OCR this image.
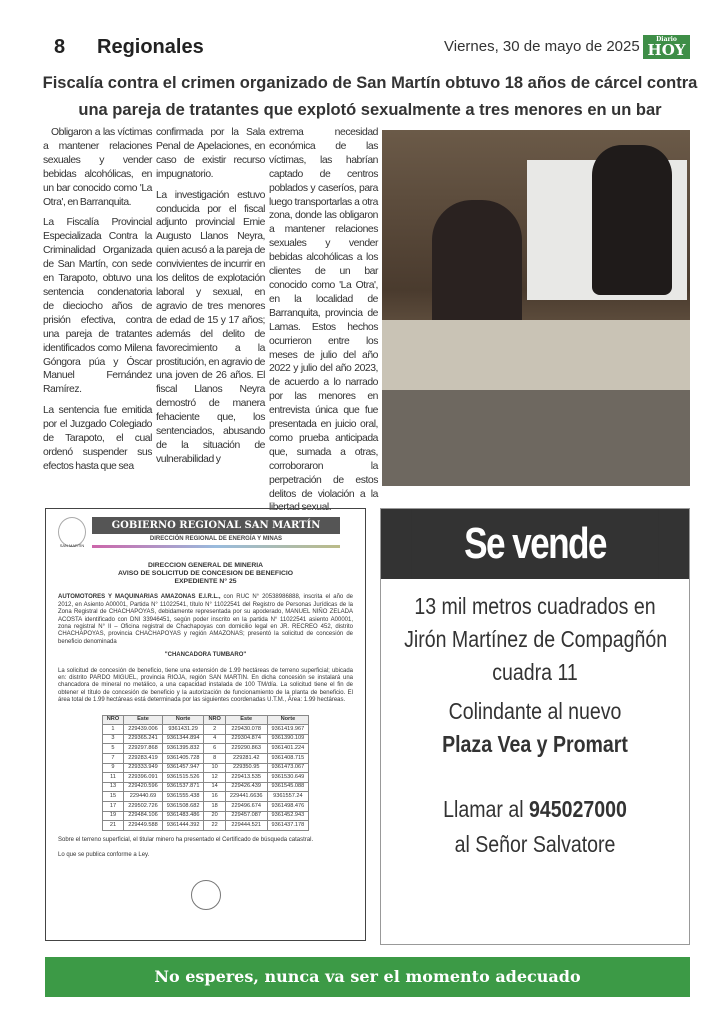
8 Regionales	Viernes, 30 de mayo de 2025	Diario
HOY
Fiscalía contra el crimen organizado de San Martín obtuvo 18 años de cárcel contra una pareja de tratantes que explotó sexualmente a tres menores en un bar

Obligaron a las víctimas a mantener relaciones sexuales y vender bebidas alcohólicas, en un bar conocido como 'La Otra', en Barranquita.

La Fiscalía Provincial Especializada Contra la Criminalidad Organizada de San Martín, con sede en Tarapoto, obtuvo una sentencia condenatoria de dieciocho años de prisión efectiva, contra una pareja de tratantes identificados como Milena Góngora púa y Óscar Manuel Fernández Ramírez.

La sentencia fue emitida por el Juzgado Colegiado de Tarapoto, el cual ordenó suspender sus efectos hasta que sea

confirmada por la Sala Penal de Apelaciones, en caso de existir recurso impugnatorio.

La investigación estuvo conducida por el fiscal adjunto provincial Ernie Augusto Llanos Neyra, quien acusó a la pareja de convivientes de incurrir en los delitos de explotación laboral y sexual, en agravio de tres menores de edad de 15 y 17 años; además del delito de favorecimiento a la prostitución, en agravio de una joven de 26 años. El fiscal Llanos Neyra demostró de manera fehaciente que, los sentenciados, abusando de la situación de vulnerabilidad y

extrema necesidad económica de las víctimas, las habrían captado de centros poblados y caseríos, para luego transportarlas a otra zona, donde las obligaron a mantener relaciones sexuales y vender bebidas alcohólicas a los clientes de un bar conocido como 'La Otra', en la localidad de Barranquita, provincia de Lamas. Estos hechos ocurrieron entre los meses de julio del año 2022 y julio del año 2023, de acuerdo a lo narrado por las menores en entrevista única que fue presentada en juicio oral, como prueba anticipada que, sumada a otras, corroboraron la perpetración de estos delitos de violación a la libertad sexual.

SAN MARTÍN
GOBIERNO REGIONAL SAN MARTÍN
DIRECCIÓN REGIONAL DE ENERGÍA Y MINAS
DIRECCION GENERAL DE MINERIA
AVISO DE SOLICITUD DE CONCESION DE BENEFICIO
EXPEDIENTE N° 25

AUTOMOTORES Y MAQUINARIAS AMAZONAS E.I.R.L., con RUC N° 20538986888, inscrita el año de 2012, en Asiento A00001, Partida N° 11022541, título N° 11022541 del Registro de Personas Jurídicas de la Zona Registral de CHACHAPOYAS, debidamente representada por su apoderado, MANUEL NIÑO ZELADA ACOSTA identificado con DNI 33946451, según poder inscrito en la partida N° 11022541 asiento A00001, zona registral N° II – Oficina registral de Chachapoyas con domicilio legal en JR. RECREO 452, distrito CHACHAPOYAS, provincia CHACHAPOYAS y región AMAZONAS; presentó la solicitud de concesión de beneficio denominada

"CHANCADORA TUMBARO"

La solicitud de concesión de beneficio, tiene una extensión de 1.99 hectáreas de terreno superficial; ubicada en: distrito PARDO MIGUEL, provincia RIOJA, región SAN MARTIN. En dicha concesión se instalará una chancadora de mineral no metálico, a una capacidad instalada de 100 TM/día. La solicitud tiene el fin de obtener el título de concesión de beneficio y la autorización de funcionamiento de la planta de beneficio. El área total de 1.99 hectáreas está determinada por las siguientes coordenadas U.T.M., Área: 1.99 hectáreas.

NRO	Este	Norte	NRO	Este	Norte
1	229439.006	9361431.29	2	229430.078	9361419.967
3	229365.241	9361344.894	4	229304.874	9361390.109
5	229297.868	9361395.832	6	229290.863	9361401.224
7	229283.419	9361405.728	8	229281.42	9361408.715
9	229333.949	9361457.947	10	229350.95	9361473.067
11	229396.091	9361515.526	12	229413.535	9361530.649
13	229420.596	9361537.871	14	229426.439	9361545.088
15	229440.69	9361555.438	16	229441.6636	9361557.24
17	229502.726	9361508.682	18	229496.674	9361498.476
19	229484.106	9361483.486	20	229457.087	9361452.943
21	229449.588	9361444.392	22	229444.521	9361437.178

Sobre el terreno superficial, el titular minero ha presentado el Certificado de búsqueda catastral.

Lo que se publica conforme a Ley.

Se vende
13 mil metros cuadrados en
Jirón Martínez de Compagñón
cuadra 11
Colindante al nuevo
Plaza Vea y Promart
Llamar al 945027000
al Señor Salvatore
No esperes, nunca va ser el momento adecuado
